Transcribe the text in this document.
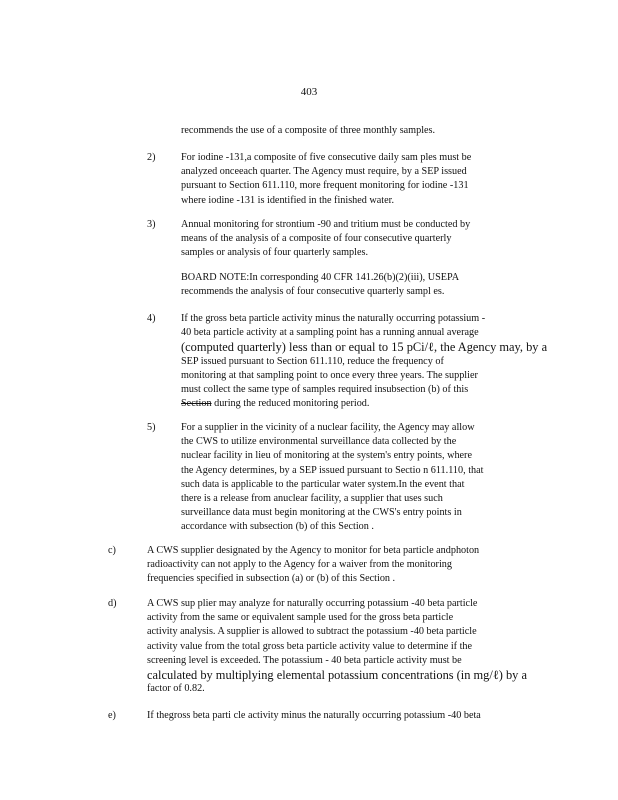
403
recommends the use of a composite of three monthly samples.
2)	For iodine -131,a composite of five consecutive daily sam ples must be
analyzed onceeach quarter. The Agency must require, by a SEP issued
pursuant to Section 611.110, more frequent monitoring for iodine -131
where iodine -131 is identified in the finished water.
3)	Annual monitoring for strontium -90 and tritium must be conducted by
means of the analysis of a composite of four consecutive quarterly
samples or analysis of four quarterly samples.
BOARD NOTE:In corresponding 40 CFR 141.26(b)(2)(iii), USEPA
recommends the analysis of four consecutive quarterly sampl es.
4)	If the gross beta particle activity minus the naturally occurring potassium -
40 beta particle activity at a sampling point has a running annual average
(computed quarterly) less than or equal to 15 pCi/ℓ, the Agency may, by a
SEP issued pursuant to Section 611.110, reduce the frequency of
monitoring at that sampling point to once every three years. The supplier
must collect the same type of samples required insubsection (b) of this
Section during the reduced monitoring period.
5)	For a supplier in the vicinity of a nuclear facility, the Agency may allow
the CWS to utilize environmental surveillance data collected by the
nuclear facility in lieu of monitoring at the system's entry points, where
the Agency determines, by a SEP issued pursuant to Sectio n 611.110, that
such data is applicable to the particular water system.In the event that
there is a release from anuclear facility, a supplier that uses such
surveillance data must begin monitoring at the CWS's entry points in
accordance with subsection (b) of this Section .
c)	A CWS supplier designated by the Agency to monitor for beta particle andphoton
radioactivity can not apply to the Agency for a waiver from the monitoring
frequencies specified in subsection (a) or (b) of this Section .
d)	A CWS sup plier may analyze for naturally occurring potassium -40 beta particle
activity from the same or equivalent sample used for the gross beta particle
activity analysis. A supplier is allowed to subtract the potassium -40 beta particle
activity value from the total gross beta particle activity value to determine if the
screening level is exceeded. The potassium - 40 beta particle activity must be
calculated by multiplying elemental potassium concentrations (in mg/ℓ) by a
factor of 0.82.
e)	If thegross beta parti cle activity minus the naturally occurring potassium -40 beta
